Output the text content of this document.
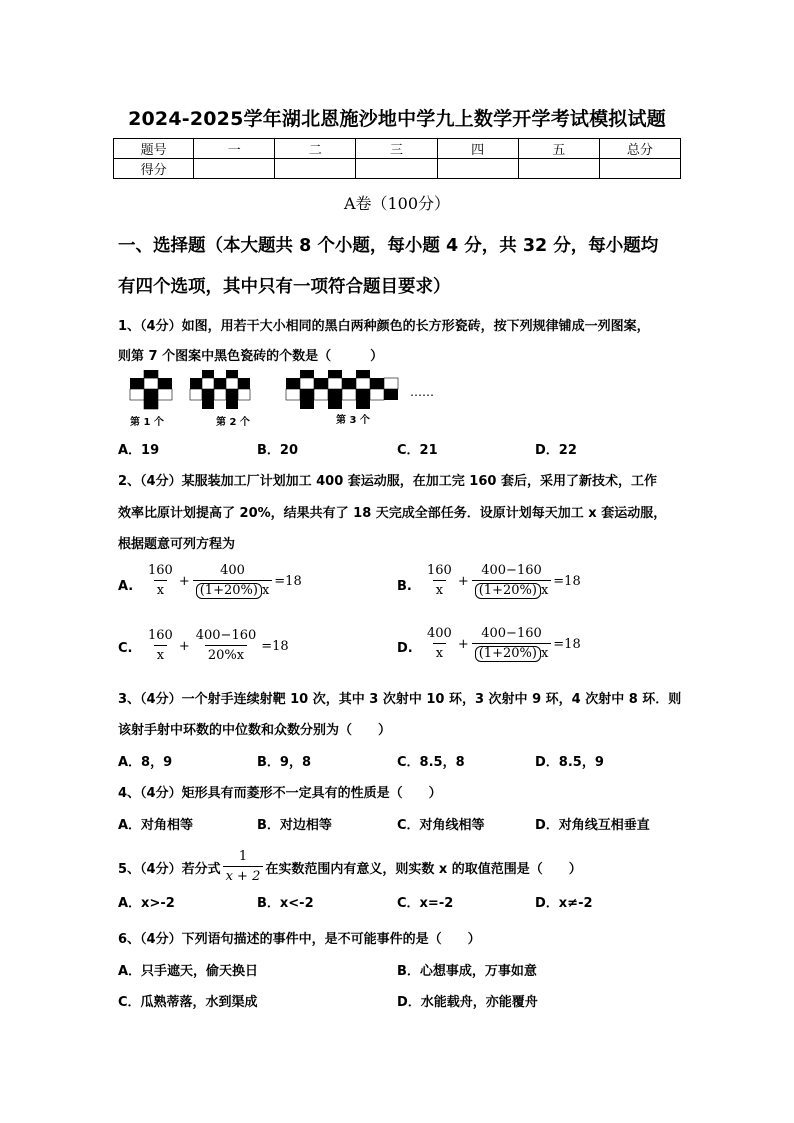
2024-2025学年湖北恩施沙地中学九上数学开学考试模拟试题
题号	一	二	三	四	五	总分
得分						
A卷（100分）
一、选择题（本大题共 8 个小题，每小题 4 分，共 32 分，每小题均
有四个选项，其中只有一项符合题目要求）
1、（4分）如图，用若干大小相同的黑白两种颜色的长方形瓷砖，按下列规律铺成一列图案，
则第 7 个图案中黑色瓷砖的个数是（　　　）
第 1 个	第 2 个	第 3 个
……
A．19	B．20	C．21	D．22
2、（4分）某服装加工厂计划加工 400 套运动服，在加工完 160 套后，采用了新技术，工作
效率比原计划提高了 20%，结果共有了 18 天完成全部任务．设原计划每天加工 x 套运动服，
根据题意可列方程为
A. $\frac{160}{x} + \frac{400}{(1+20\%) x} =18$	B. $\frac{160}{x} + \frac{400-160}{(1+20\%) x} =18$
C. $\frac{160}{x} + \frac{400-160}{20\%x} =18$	D. $\frac{400}{x} + \frac{400-160}{(1+20\%) x} =18$
3、（4分）一个射手连续射靶 10 次，其中 3 次射中 10 环，3 次射中 9 环，4 次射中 8 环．则
该射手射中环数的中位数和众数分别为（　　）
A．8，9	B．9，8	C．8.5，8	D．8.5，9
4、（4分）矩形具有而菱形不一定具有的性质是（　　）
A．对角相等	B．对边相等	C．对角线相等	D．对角线互相垂直
5、（4分）若分式 $\frac{1}{x + 2}$ 在实数范围内有意义，则实数 x 的取值范围是（　　）
A．x>-2	B．x<-2	C．x=-2	D．x≠-2
6、（4分）下列语句描述的事件中，是不可能事件的是（　　）
A．只手遮天，偷天换日	B．心想事成，万事如意
C．瓜熟蒂落，水到渠成	D．水能载舟，亦能覆舟
